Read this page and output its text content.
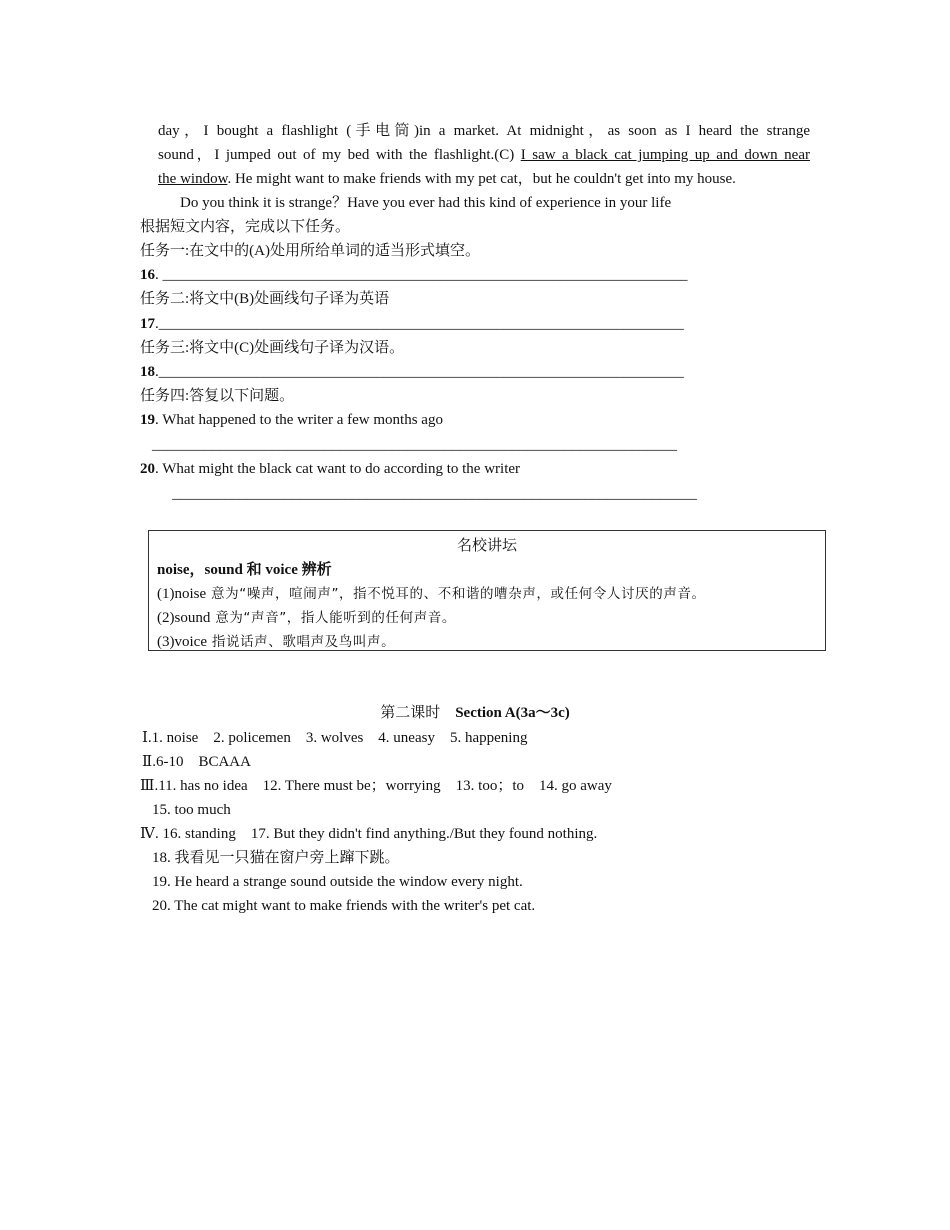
day，I bought a flashlight (手电筒)in a market. At midnight，as soon as I heard the strange
sound，I jumped out of my bed with the flashlight.(C) I saw a black cat jumping up and down near
the window. He might want to make friends with my pet cat，but he couldn't get into my house.
Do you think it is strange？Have you ever had this kind of experience in your life
根据短文内容，完成以下任务。
任务一:在文中的(A)处用所给单词的适当形式填空。
16. ______________________________________________________________________
任务二:将文中(B)处画线句子译为英语
17.______________________________________________________________________
任务三:将文中(C)处画线句子译为汉语。
18.______________________________________________________________________
任务四:答复以下问题。
19. What happened to the writer a few months ago
______________________________________________________________________
20. What might the black cat want to do according to the writer
______________________________________________________________________
名校讲坛
noise，sound 和 voice 辨析
(1)noise 意为“噪声，喧闹声”，指不悦耳的、不和谐的嘈杂声，或任何令人讨厌的声音。
(2)sound 意为“声音”，指人能听到的任何声音。
(3)voice 指说话声、歌唱声及鸟叫声。
第二课时 Section A(3a～3c)
Ⅰ.1. noise　2. policemen　3. wolves　4. uneasy　5. happening
Ⅱ.6-10　BCAAA
Ⅲ.11. has no idea　12. There must be；worrying　13. too；to　14. go away
15. too much
Ⅳ. 16. standing　17. But they didn't find anything./But they found nothing.
18. 我看见一只猫在窗户旁上蹿下跳。
19. He heard a strange sound outside the window every night.
20. The cat might want to make friends with the writer's pet cat.
